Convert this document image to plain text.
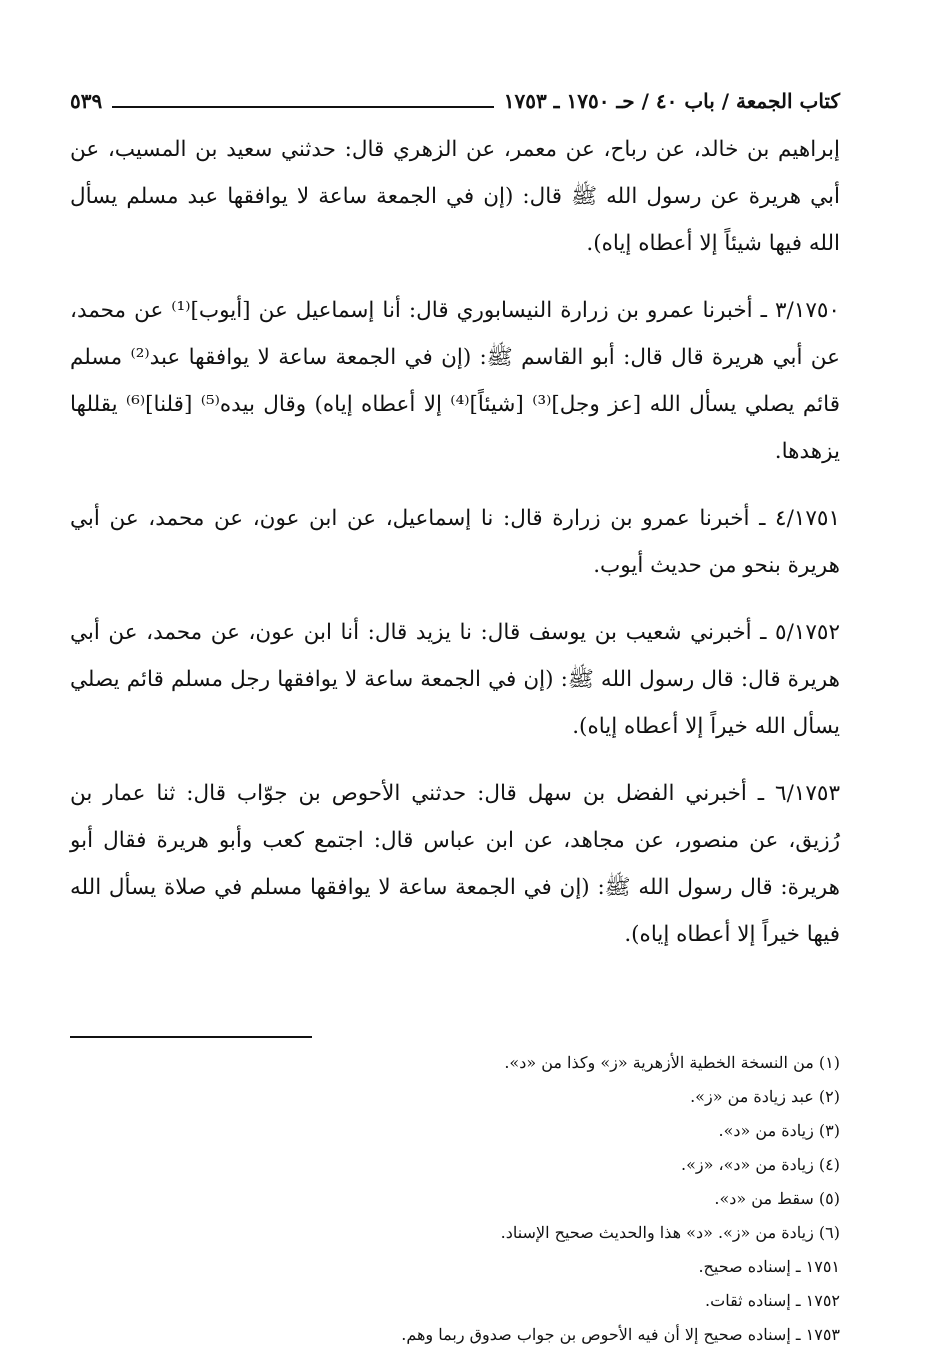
كتاب الجمعة / باب ٤٠ / حـ ١٧٥٠ ـ ١٧٥٣
٥٣٩

إبراهيم بن خالد، عن رباح، عن معمر، عن الزهري قال: حدثني سعيد بن المسيب، عن أبي هريرة عن رسول الله ﷺ قال: (إن في الجمعة ساعة لا يوافقها عبد مسلم يسأل الله فيها شيئاً إلا أعطاه إياه).

٣/١٧٥٠ ـ أخبرنا عمرو بن زرارة النيسابوري قال: أنا إسماعيل عن [أيوب]⁽¹⁾ عن محمد، عن أبي هريرة قال قال: أبو القاسم ﷺ: (إن في الجمعة ساعة لا يوافقها عبد⁽²⁾ مسلم قائم يصلي يسأل الله [عز وجل]⁽³⁾ [شيئاً]⁽⁴⁾ إلا أعطاه إياه) وقال بيده⁽⁵⁾ [قلنا]⁽⁶⁾ يقللها يزهدها.

٤/١٧٥١ ـ أخبرنا عمرو بن زرارة قال: نا إسماعيل، عن ابن عون، عن محمد، عن أبي هريرة بنحو من حديث أيوب.

٥/١٧٥٢ ـ أخبرني شعيب بن يوسف قال: نا يزيد قال: أنا ابن عون، عن محمد، عن أبي هريرة قال: قال رسول الله ﷺ: (إن في الجمعة ساعة لا يوافقها رجل مسلم قائم يصلي يسأل الله خيراً إلا أعطاه إياه).

٦/١٧٥٣ ـ أخبرني الفضل بن سهل قال: حدثني الأحوص بن جوّاب قال: ثنا عمار بن رُزيق، عن منصور، عن مجاهد، عن ابن عباس قال: اجتمع كعب وأبو هريرة فقال أبو هريرة: قال رسول الله ﷺ: (إن في الجمعة ساعة لا يوافقها مسلم في صلاة يسأل الله فيها خيراً إلا أعطاه إياه).

(١) من النسخة الخطية الأزهرية «ز» وكذا من «د».

(٢) عبد زيادة من «ز».

(٣) زيادة من «د».

(٤) زيادة من «د»، «ز».

(٥) سقط من «د».

(٦) زيادة من «ز». «د» هذا والحديث صحيح الإسناد.

١٧٥١ ـ إسناده صحيح.

١٧٥٢ ـ إسناده ثقات.

١٧٥٣ ـ إسناده صحيح إلا أن فيه الأحوص بن جواب صدوق ربما وهم.
